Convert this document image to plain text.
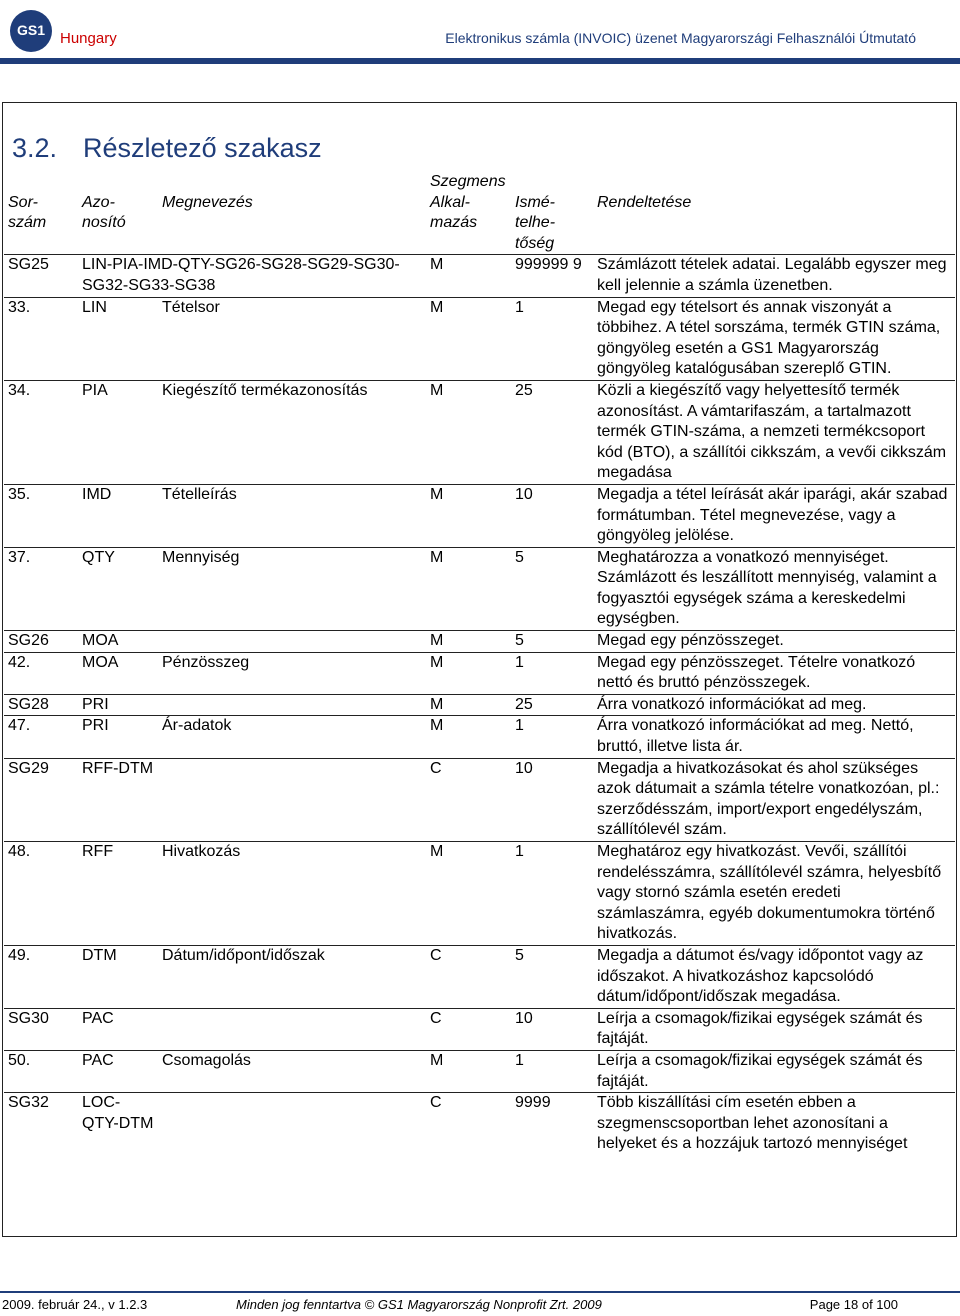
GS1	Hungary	Elektronikus számla (INVOIC) üzenet Magyarországi Felhasználói Útmutató
3.2. Részletező szakasz
			Szegmens		
Sor- szám	Azo- nosító	Megnevezés	Alkal- mazás	Ismé- telhe- tőség	Rendeltetése
SG25	LIN-PIA-IMD-QTY-SG26-SG28-SG29-SG30-SG32-SG33-SG38		M	999999 9	Számlázott tételek adatai. Legalább egyszer meg kell jelennie a számla üzenetben.
33.	LIN	Tételsor	M	1	Megad egy tételsort és annak viszonyát a többihez. A tétel sorszáma, termék GTIN száma, göngyöleg esetén a GS1 Magyarország göngyöleg katalógusában szereplő GTIN.
34.	PIA	Kiegészítő termékazonosítás	M	25	Közli a kiegészítő vagy helyettesítő termék azonosítást. A vámtarifaszám, a tartalmazott termék GTIN-száma, a nemzeti termékcsoport kód (BTO), a szállítói cikkszám, a vevői cikkszám megadása
35.	IMD	Tételleírás	M	10	Megadja a tétel leírását akár iparági, akár szabad formátumban. Tétel megnevezése, vagy a göngyöleg jelölése.
37.	QTY	Mennyiség	M	5	Meghatározza a vonatkozó mennyiséget. Számlázott és leszállított mennyiség, valamint a fogyasztói egységek száma a kereskedelmi egységben.
SG26	MOA		M	5	Megad egy pénzösszeget.
42.	MOA	Pénzösszeg	M	1	Megad egy pénzösszeget. Tételre vonatkozó nettó és bruttó pénzösszegek.
SG28	PRI		M	25	Árra vonatkozó információkat ad meg.
47.	PRI	Ár-adatok	M	1	Árra vonatkozó információkat ad meg. Nettó, bruttó, illetve lista ár.
SG29	RFF-DTM		C	10	Megadja a hivatkozásokat és ahol szükséges azok dátumait a számla tételre vonatkozóan, pl.: szerződésszám, import/export engedélyszám, szállítólevél szám.
48.	RFF	Hivatkozás	M	1	Meghatároz egy hivatkozást. Vevői, szállítói rendelésszámra, szállítólevél számra, helyesbítő vagy stornó számla esetén eredeti számlaszámra, egyéb dokumentumokra történő hivatkozás.
49.	DTM	Dátum/időpont/időszak	C	5	Megadja a dátumot és/vagy időpontot vagy az időszakot. A hivatkozáshoz kapcsolódó dátum/időpont/időszak megadása.
SG30	PAC		C	10	Leírja a csomagok/fizikai egységek számát és fajtáját.
50.	PAC	Csomagolás	M	1	Leírja a csomagok/fizikai egységek számát és fajtáját.
SG32	LOC-QTY-DTM		C	9999	Több kiszállítási cím esetén ebben a szegmenscsoportban lehet azonosítani a helyeket és a hozzájuk tartozó mennyiséget
2009. február 24., v 1.2.3	Minden jog fenntartva © GS1 Magyarország Nonprofit Zrt. 2009	Page 18 of 100
